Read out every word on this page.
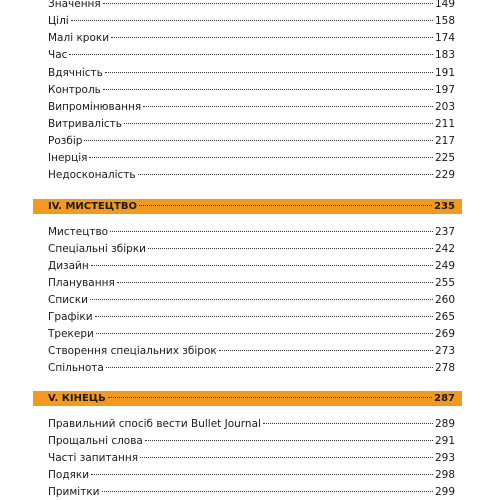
Значення	149
Цілі	158
Малі кроки	174
Час	183
Вдячність	191
Контроль	197
Випромінювання	203
Витривалість	211
Розбір	217
Інерція	225
Недосконалість	229
IV. МИСТЕЦТВО	235
Мистецтво	237
Спеціальні збірки	242
Дизайн	249
Планування	255
Списки	260
Графіки	265
Трекери	269
Створення спеціальних збірок	273
Спільнота	278
V. КІНЕЦЬ	287
Правильний спосіб вести Bullet Journal	289
Прощальні слова	291
Часті запитання	293
Подяки	298
Примітки	299
